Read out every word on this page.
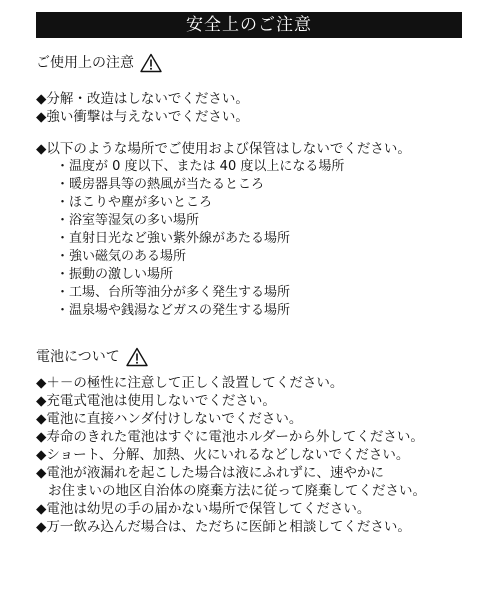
安全上のご注意
ご使用上の注意
◆分解・改造はしないでください。
◆強い衝撃は与えないでください。
◆以下のような場所でご使用および保管はしないでください。
・温度が 0 度以下、または 40 度以上になる場所
・暖房器具等の熱風が当たるところ
・ほこりや塵が多いところ
・浴室等湿気の多い場所
・直射日光など強い紫外線があたる場所
・強い磁気のある場所
・振動の激しい場所
・工場、台所等油分が多く発生する場所
・温泉場や銭湯などガスの発生する場所
電池について
◆＋－の極性に注意して正しく設置してください。
◆充電式電池は使用しないでください。
◆電池に直接ハンダ付けしないでください。
◆寿命のきれた電池はすぐに電池ホルダーから外してください。
◆ショート、分解、加熱、火にいれるなどしないでください。
◆電池が液漏れを起こした場合は液にふれずに、速やかに
お住まいの地区自治体の廃棄方法に従って廃棄してください。
◆電池は幼児の手の届かない場所で保管してください。
◆万一飲み込んだ場合は、ただちに医師と相談してください。
